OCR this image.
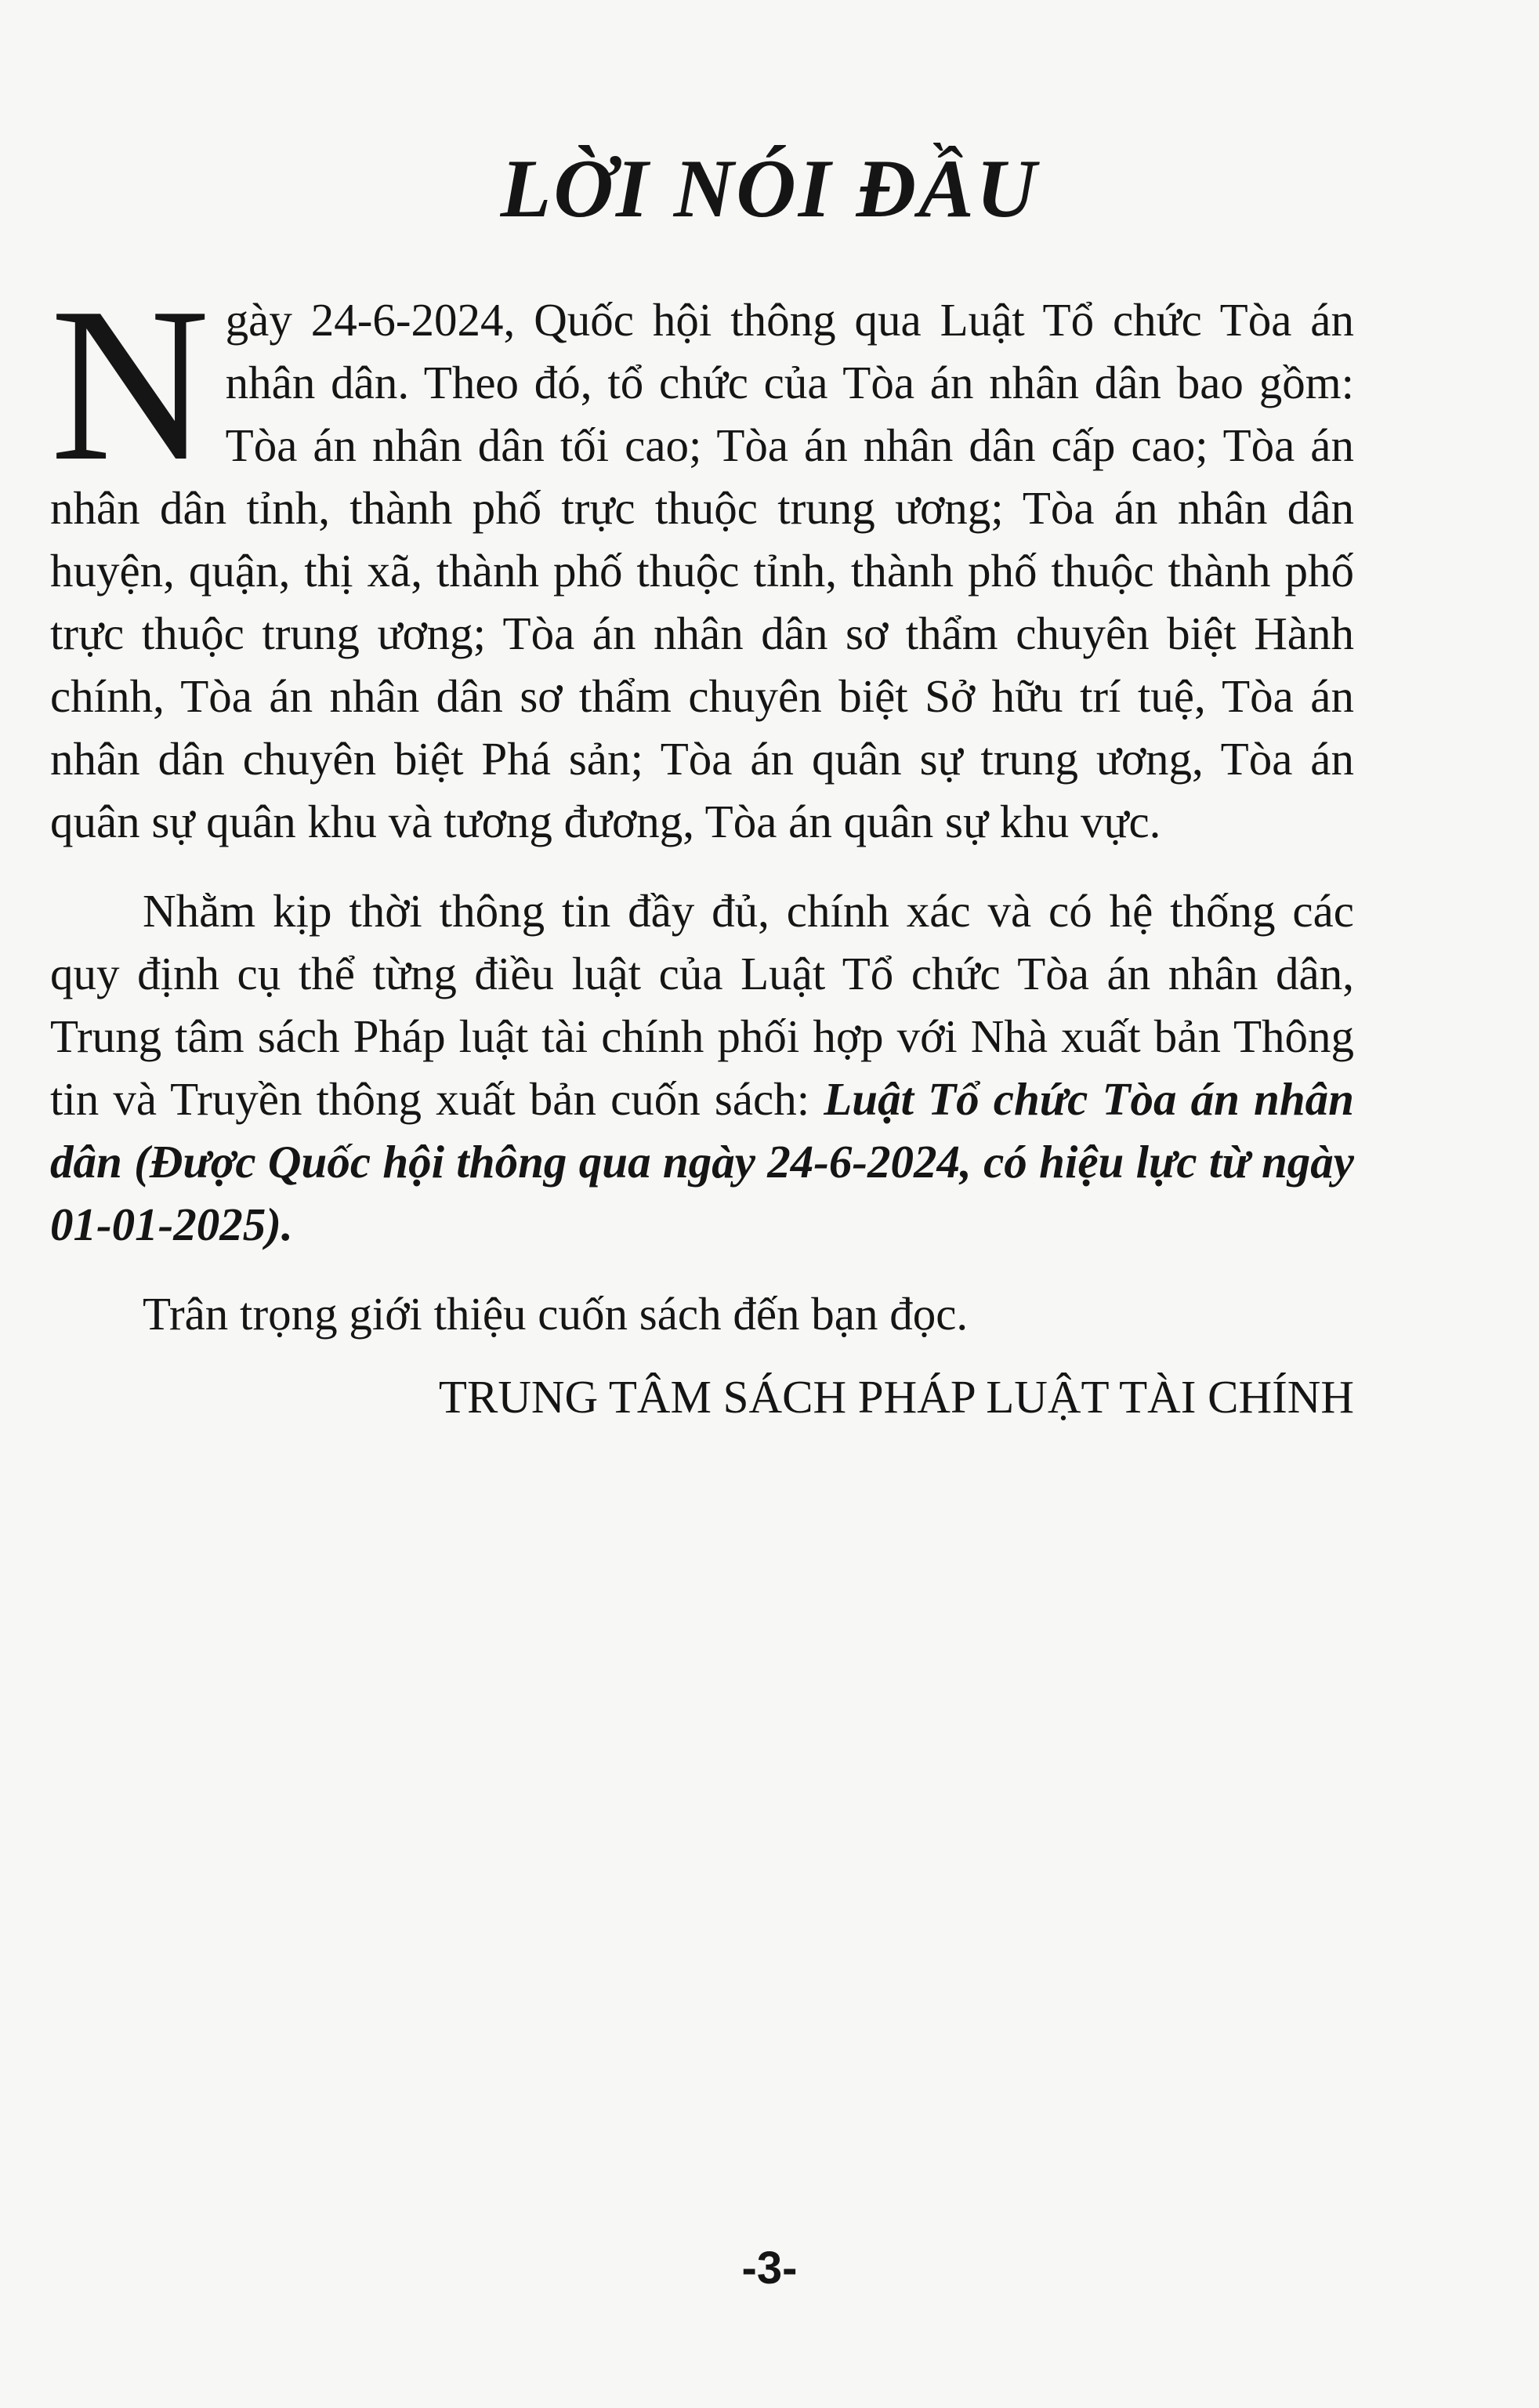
LỜI NÓI ĐẦU

Ngày 24-6-2024, Quốc hội thông qua Luật Tổ chức Tòa án nhân dân. Theo đó, tổ chức của Tòa án nhân dân bao gồm: Tòa án nhân dân tối cao; Tòa án nhân dân cấp cao; Tòa án nhân dân tỉnh, thành phố trực thuộc trung ương; Tòa án nhân dân huyện, quận, thị xã, thành phố thuộc tỉnh, thành phố thuộc thành phố trực thuộc trung ương; Tòa án nhân dân sơ thẩm chuyên biệt Hành chính, Tòa án nhân dân sơ thẩm chuyên biệt Sở hữu trí tuệ, Tòa án nhân dân chuyên biệt Phá sản; Tòa án quân sự trung ương, Tòa án quân sự quân khu và tương đương, Tòa án quân sự khu vực.

Nhằm kịp thời thông tin đầy đủ, chính xác và có hệ thống các quy định cụ thể từng điều luật của Luật Tổ chức Tòa án nhân dân, Trung tâm sách Pháp luật tài chính phối hợp với Nhà xuất bản Thông tin và Truyền thông xuất bản cuốn sách: Luật Tổ chức Tòa án nhân dân (Được Quốc hội thông qua ngày 24-6-2024, có hiệu lực từ ngày 01-01-2025).

Trân trọng giới thiệu cuốn sách đến bạn đọc.

TRUNG TÂM SÁCH PHÁP LUẬT TÀI CHÍNH

-3-
